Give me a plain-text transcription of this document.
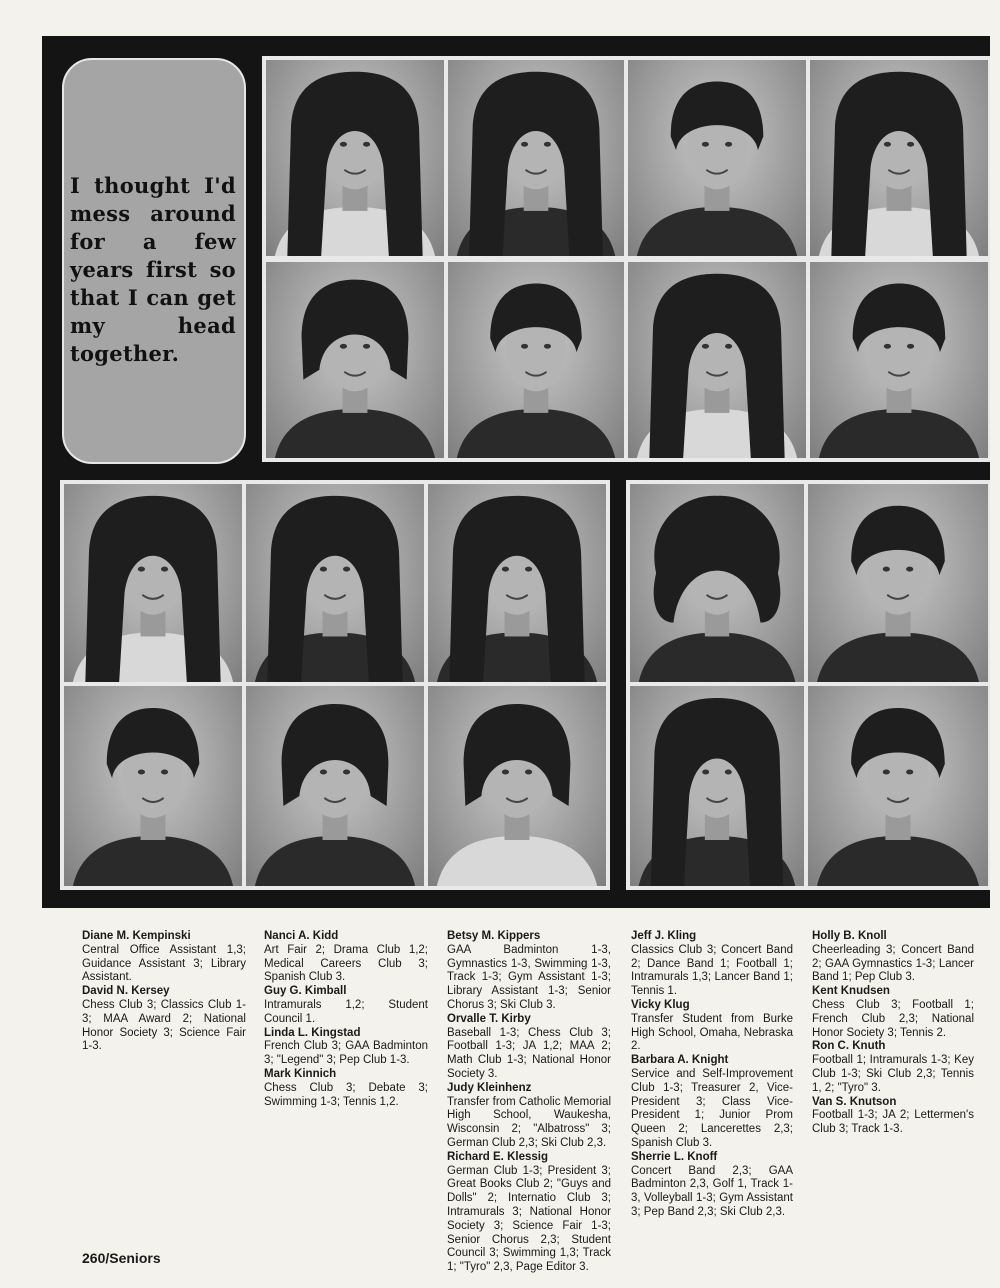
I thought I'd mess around for a few years first so that I can get my head together.
Diane M. Kempinski
Central Office Assistant 1,3; Guidance Assistant 3; Library Assistant.
David N. Kersey
Chess Club 3; Classics Club 1-3; MAA Award 2; National Honor Society 3; Science Fair 1-3.
Nanci A. Kidd
Art Fair 2; Drama Club 1,2; Medical Careers Club 3; Spanish Club 3.
Guy G. Kimball
Intramurals 1,2; Student Council 1.
Linda L. Kingstad
French Club 3; GAA Badminton 3; "Legend" 3; Pep Club 1-3.
Mark Kinnich
Chess Club 3; Debate 3; Swimming 1-3; Tennis 1,2.
Betsy M. Kippers
GAA Badminton 1-3, Gymnastics 1-3, Swimming 1-3, Track 1-3; Gym Assistant 1-3; Library Assistant 1-3; Senior Chorus 3; Ski Club 3.
Orvalle T. Kirby
Baseball 1-3; Chess Club 3; Football 1-3; JA 1,2; MAA 2; Math Club 1-3; National Honor Society 3.
Judy Kleinhenz
Transfer from Catholic Memorial High School, Waukesha, Wisconsin 2; "Albatross" 3; German Club 2,3; Ski Club 2,3.
Richard E. Klessig
German Club 1-3; President 3; Great Books Club 2; "Guys and Dolls" 2; Internatio Club 3; Intramurals 3; National Honor Society 3; Science Fair 1-3; Senior Chorus 2,3; Student Council 3; Swimming 1,3; Track 1; "Tyro" 2,3, Page Editor 3.
Jeff J. Kling
Classics Club 3; Concert Band 2; Dance Band 1; Football 1; Intramurals 1,3; Lancer Band 1; Tennis 1.
Vicky Klug
Transfer Student from Burke High School, Omaha, Nebraska 2.
Barbara A. Knight
Service and Self-Improvement Club 1-3; Treasurer 2, Vice-President 3; Class Vice-President 1; Junior Prom Queen 2; Lancerettes 2,3; Spanish Club 3.
Sherrie L. Knoff
Concert Band 2,3; GAA Badminton 2,3, Golf 1, Track 1-3, Volleyball 1-3; Gym Assistant 3; Pep Band 2,3; Ski Club 2,3.
Holly B. Knoll
Cheerleading 3; Concert Band 2; GAA Gymnastics 1-3; Lancer Band 1; Pep Club 3.
Kent Knudsen
Chess Club 3; Football 1; French Club 2,3; National Honor Society 3; Tennis 2.
Ron C. Knuth
Football 1; Intramurals 1-3; Key Club 1-3; Ski Club 2,3; Tennis 1, 2; "Tyro" 3.
Van S. Knutson
Football 1-3; JA 2; Lettermen's Club 3; Track 1-3.
260/Seniors
